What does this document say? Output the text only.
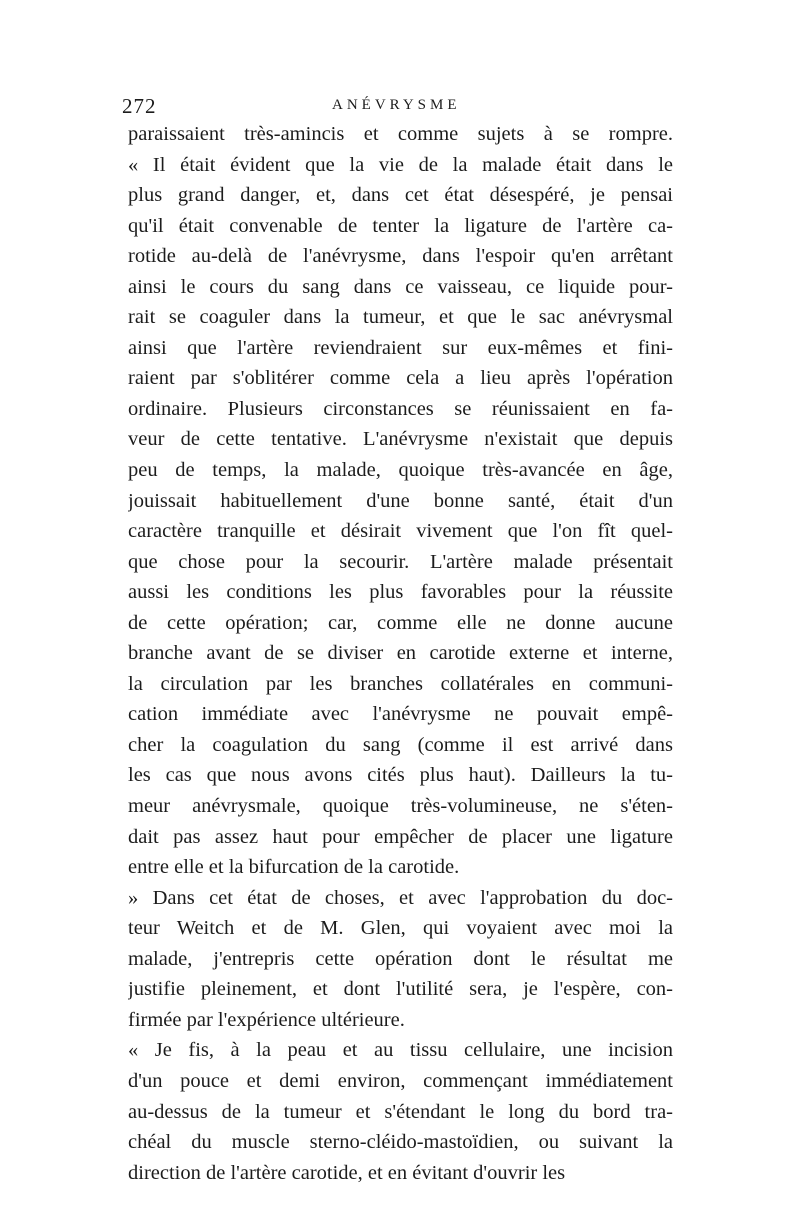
272	ANÉVRYSME
paraissaient très-amincis et comme sujets à se rompre.
« Il était évident que la vie de la malade était dans le
plus grand danger, et, dans cet état désespéré, je pensai
qu'il était convenable de tenter la ligature de l'artère ca-
rotide au-delà de l'anévrysme, dans l'espoir qu'en arrêtant
ainsi le cours du sang dans ce vaisseau, ce liquide pour-
rait se coaguler dans la tumeur, et que le sac anévrysmal
ainsi que l'artère reviendraient sur eux-mêmes et fini-
raient par s'oblitérer comme cela a lieu après l'opération
ordinaire. Plusieurs circonstances se réunissaient en fa-
veur de cette tentative. L'anévrysme n'existait que depuis
peu de temps, la malade, quoique très-avancée en âge,
jouissait habituellement d'une bonne santé, était d'un
caractère tranquille et désirait vivement que l'on fît quel-
que chose pour la secourir. L'artère malade présentait
aussi les conditions les plus favorables pour la réussite
de cette opération; car, comme elle ne donne aucune
branche avant de se diviser en carotide externe et interne,
la circulation par les branches collatérales en communi-
cation immédiate avec l'anévrysme ne pouvait empê-
cher la coagulation du sang (comme il est arrivé dans
les cas que nous avons cités plus haut). Dailleurs la tu-
meur anévrysmale, quoique très-volumineuse, ne s'éten-
dait pas assez haut pour empêcher de placer une ligature
entre elle et la bifurcation de la carotide.
» Dans cet état de choses, et avec l'approbation du doc-
teur Weitch et de M. Glen, qui voyaient avec moi la
malade, j'entrepris cette opération dont le résultat me
justifie pleinement, et dont l'utilité sera, je l'espère, con-
firmée par l'expérience ultérieure.
« Je fis, à la peau et au tissu cellulaire, une incision
d'un pouce et demi environ, commençant immédiatement
au-dessus de la tumeur et s'étendant le long du bord tra-
chéal du muscle sterno-cléido-mastoïdien, ou suivant la
direction de l'artère carotide, et en évitant d'ouvrir les
